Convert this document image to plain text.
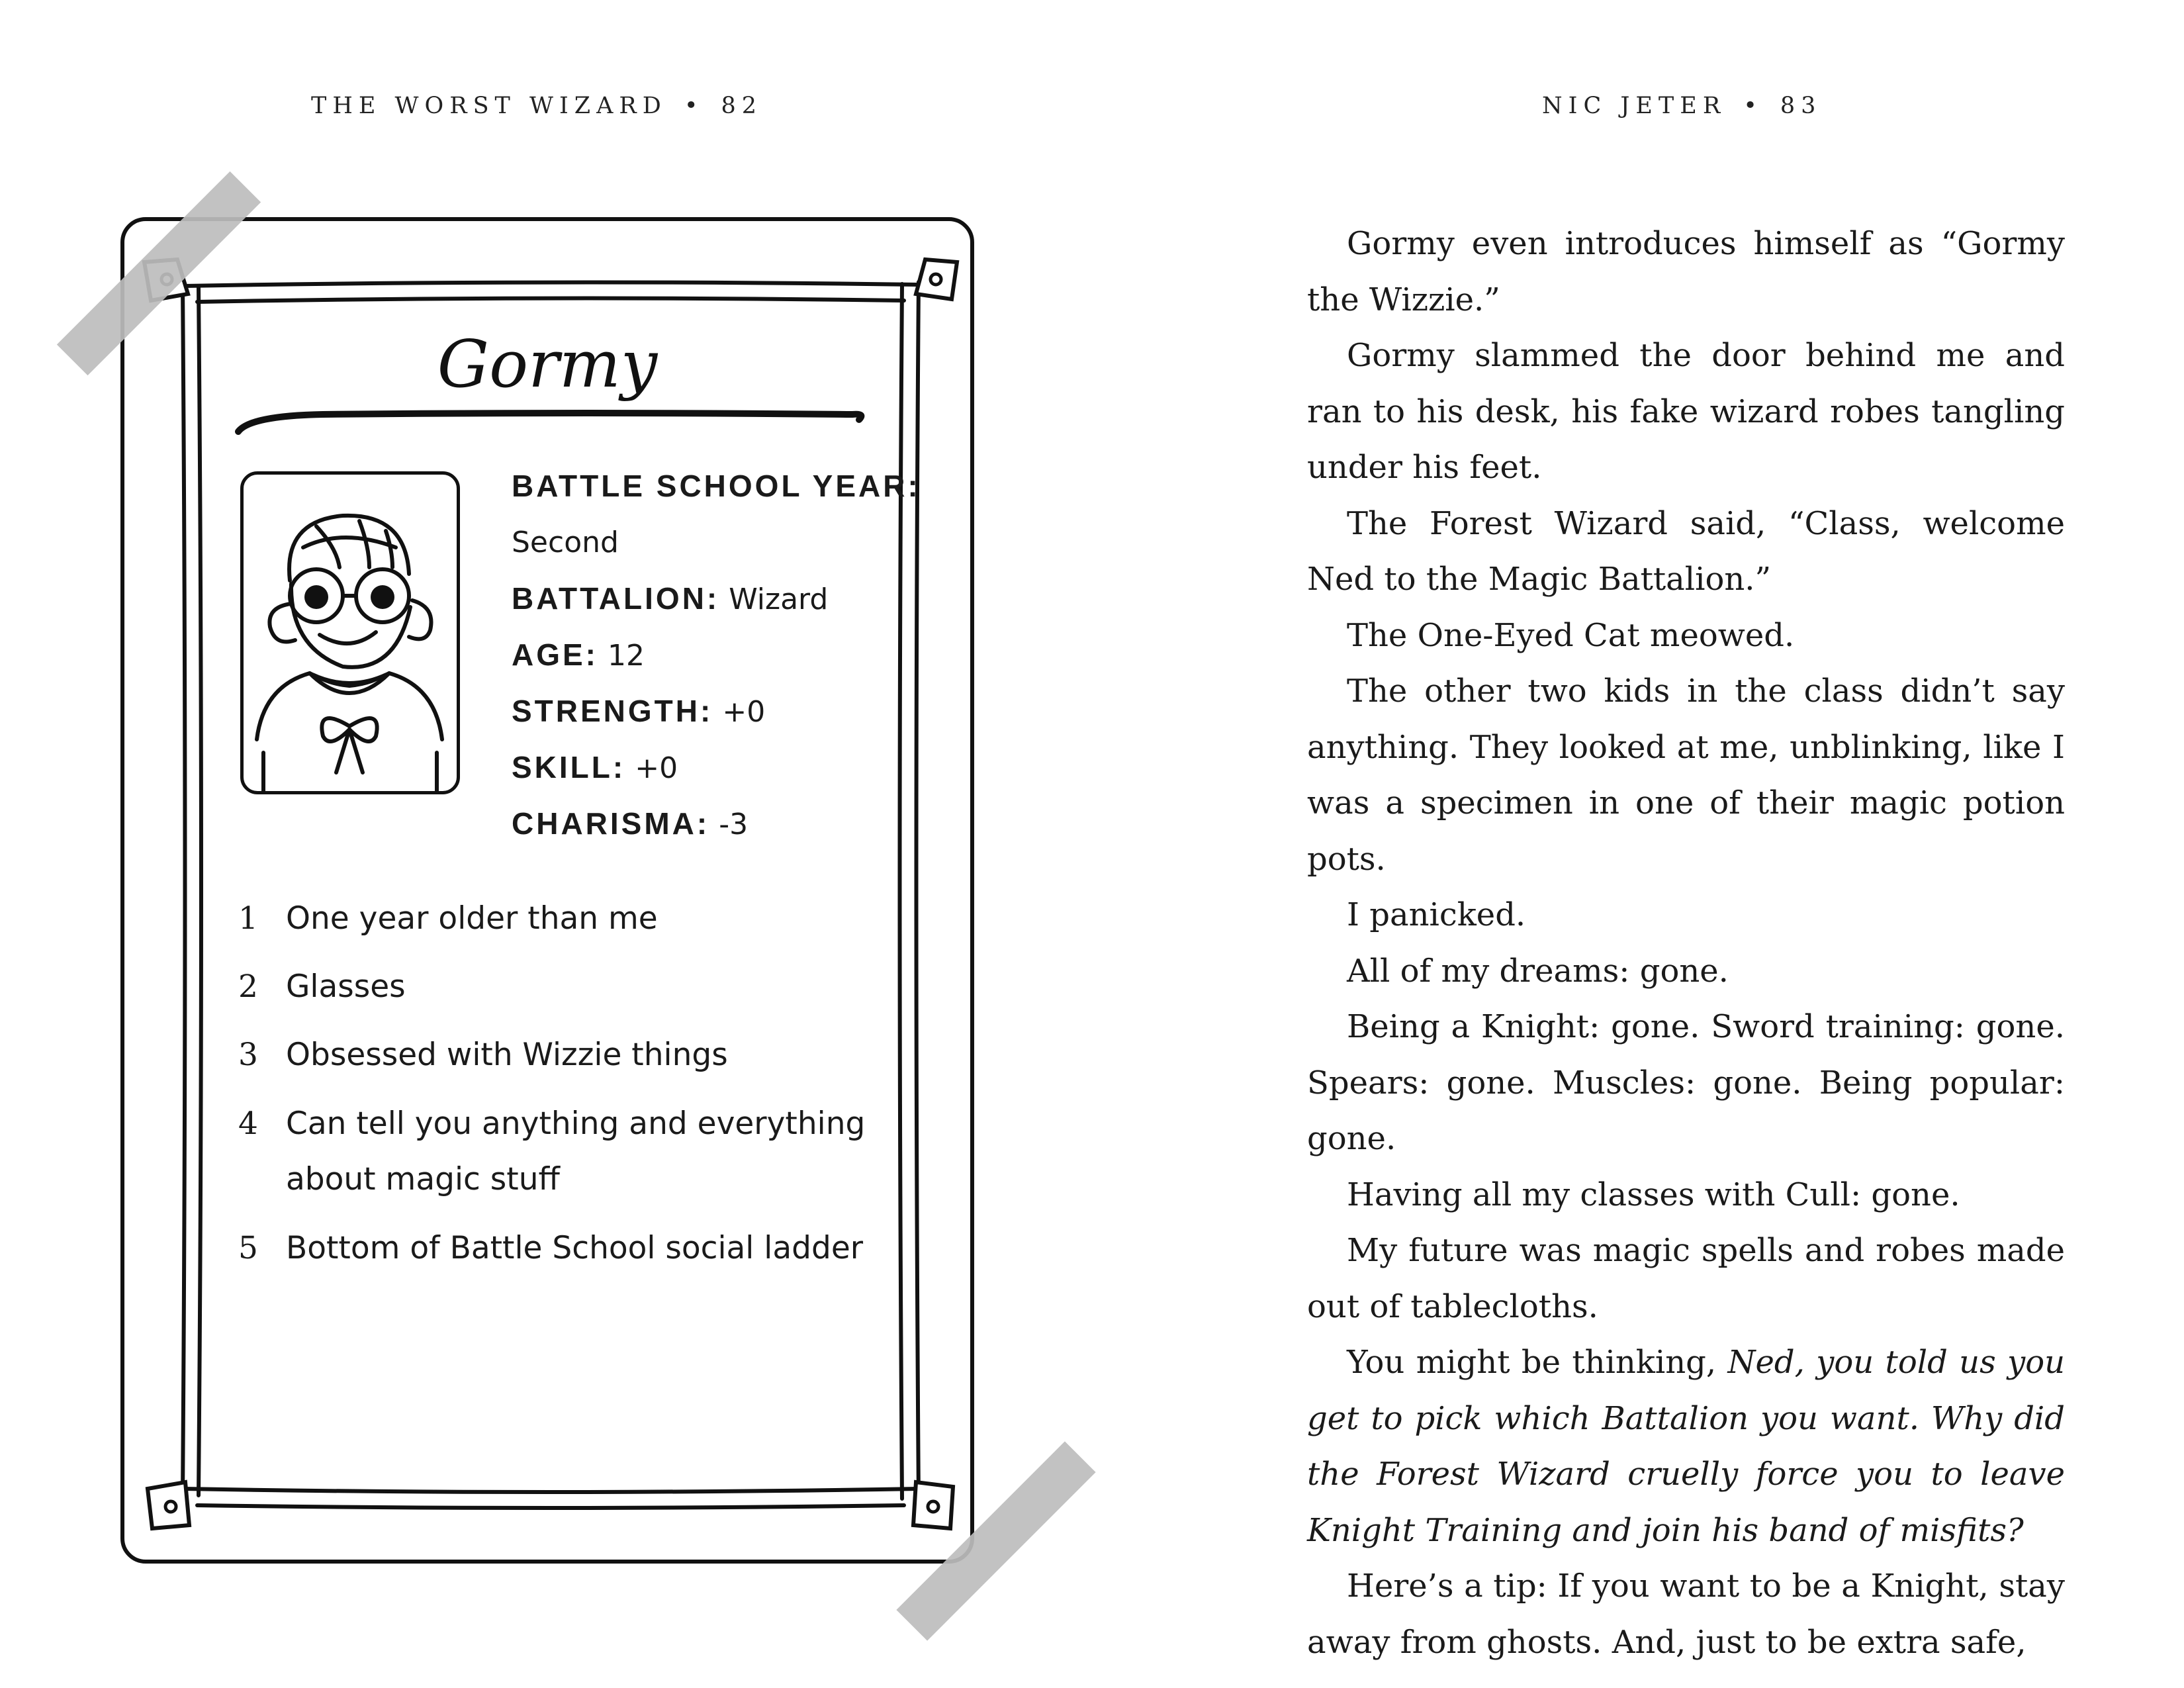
THE WORST WIZARD • 82	NIC JETER • 83
Gormy
BATTLE SCHOOL YEAR:
Second
BATTALION: Wizard
AGE: 12
STRENGTH: +0
SKILL: +0
CHARISMA: -3
1 One year older than me
2 Glasses
3 Obsessed with Wizzie things
4 Can tell you anything and everything about magic stuff
5 Bottom of Battle School social ladder

Gormy even introduces himself as “Gormy the Wizzie.”

Gormy slammed the door behind me and ran to his desk, his fake wizard robes tangling under his feet.

The Forest Wizard said, “Class, welcome Ned to the Magic Battalion.”

The One-Eyed Cat meowed.

The other two kids in the class didn’t say anything. They looked at me, unblinking, like I was a specimen in one of their magic potion pots.

I panicked.

All of my dreams: gone.

Being a Knight: gone. Sword training: gone. Spears: gone. Muscles: gone. Being popular: gone.

Having all my classes with Cull: gone.

My future was magic spells and robes made out of tablecloths.

You might be thinking, Ned, you told us you get to pick which Battalion you want. Why did the Forest Wizard cruelly force you to leave Knight Training and join his band of misfits?

Here’s a tip: If you want to be a Knight, stay away from ghosts. And, just to be extra safe,
